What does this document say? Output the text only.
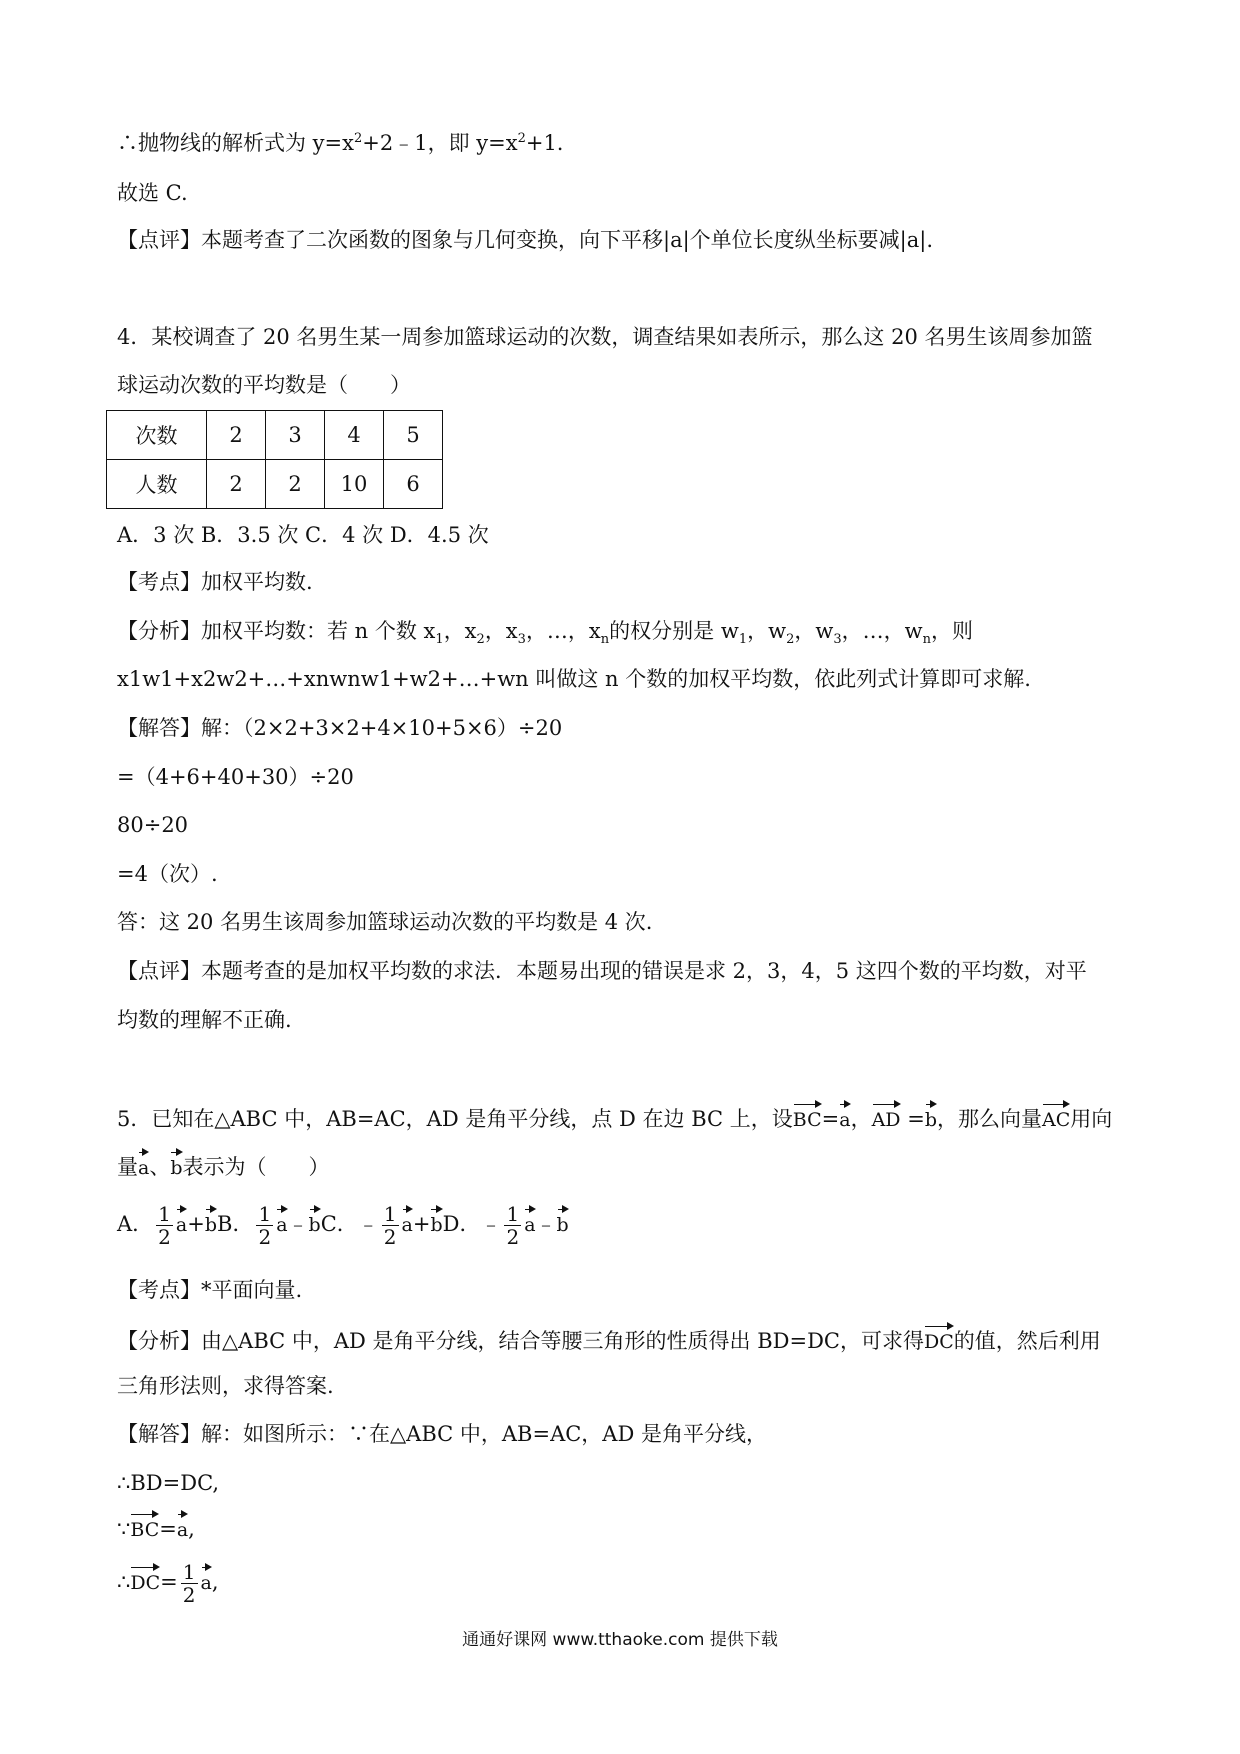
∴抛物线的解析式为 $y=x^2+2﹣1$，即 $y=x^2+1$.
故选 C.
【点评】本题考查了二次函数的图象与几何变换，向下平移|a|个单位长度纵坐标要减|a|.
4．某校调查了 20 名男生某一周参加篮球运动的次数，调查结果如表所示，那么这 20 名男生该周参加篮
球运动次数的平均数是（　　）
次数	2	3	4	5
人数	2	2	10	6
A．3 次 B．3.5 次 C．4 次 D．4.5 次
【考点】加权平均数.
【分析】加权平均数：若 n 个数 $x_1$，$x_2$，$x_3$，…，$x_n$的权分别是 $w_1$，$w_2$，$w_3$，…，$w_n$，则
x1w1+x2w2+…+xnwnw1+w2+…+wn 叫做这 n 个数的加权平均数，依此列式计算即可求解.
【解答】解：（2×2+3×2+4×10+5×6）÷20
=（4+6+40+30）÷20
80÷20
=4（次）.
答：这 20 名男生该周参加篮球运动次数的平均数是 4 次.
【点评】本题考查的是加权平均数的求法．本题易出现的错误是求 2，3，4，5 这四个数的平均数，对平
均数的理解不正确.
5．已知在△ABC 中，AB=AC，AD 是角平分线，点 D 在边 BC 上，设BC=a，AD =b，那么向量AC用向
量a、b表示为（　　）
A． $\frac{1}{2} a+bB$． $\frac{1}{2}$ a﹣bC．﹣ $\frac{1}{2} a+bD$．﹣ $\frac{1}{2}$ a﹣b
【考点】*平面向量.
【分析】由△ABC 中，AD 是角平分线，结合等腰三角形的性质得出 BD=DC，可求得DC的值，然后利用
三角形法则，求得答案.
【解答】解：如图所示：∵在△ABC 中，AB=AC，AD 是角平分线，
∴BD=DC,
∵BC=a,
∴DC= $\frac{1}{2} a$,
通通好课网 www.tthaoke.com 提供下载
